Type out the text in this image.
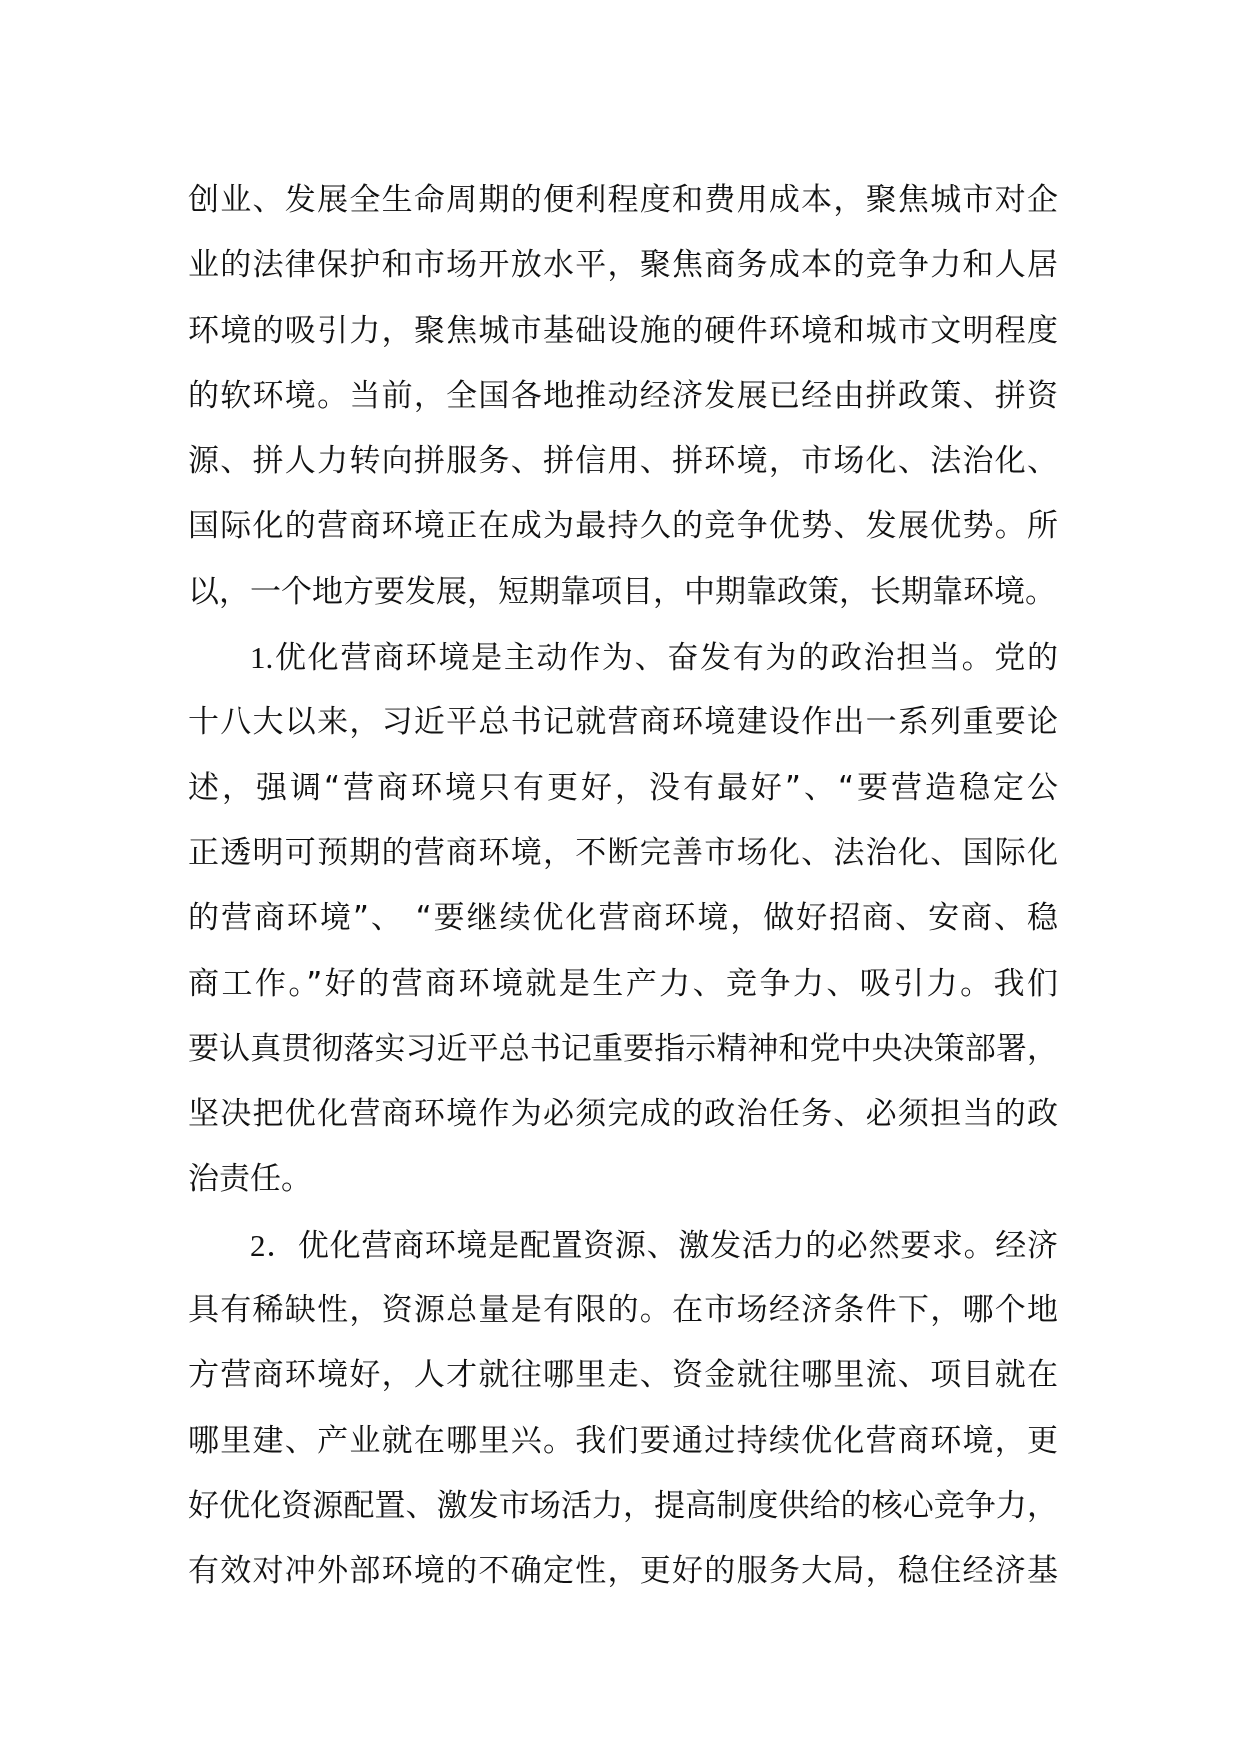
创业、发展全生命周期的便利程度和费用成本，聚焦城市对企
业的法律保护和市场开放水平，聚焦商务成本的竞争力和人居
环境的吸引力，聚焦城市基础设施的硬件环境和城市文明程度
的软环境。当前，全国各地推动经济发展已经由拼政策、拼资
源、拼人力转向拼服务、拼信用、拼环境，市场化、法治化、
国际化的营商环境正在成为最持久的竞争优势、发展优势。所
以，一个地方要发展，短期靠项目，中期靠政策，长期靠环境。
1.优化营商环境是主动作为、奋发有为的政治担当。党的
十八大以来，习近平总书记就营商环境建设作出一系列重要论
述，强调“营商环境只有更好，没有最好”、“要营造稳定公
正透明可预期的营商环境，不断完善市场化、法治化、国际化
的营商环境”、 “要继续优化营商环境，做好招商、安商、稳
商工作。”好的营商环境就是生产力、竞争力、吸引力。我们
要认真贯彻落实习近平总书记重要指示精神和党中央决策部署，
坚决把优化营商环境作为必须完成的政治任务、必须担当的政
治责任。
2．优化营商环境是配置资源、激发活力的必然要求。经济
具有稀缺性，资源总量是有限的。在市场经济条件下，哪个地
方营商环境好，人才就往哪里走、资金就往哪里流、项目就在
哪里建、产业就在哪里兴。我们要通过持续优化营商环境，更
好优化资源配置、激发市场活力，提高制度供给的核心竞争力，
有效对冲外部环境的不确定性，更好的服务大局，稳住经济基
